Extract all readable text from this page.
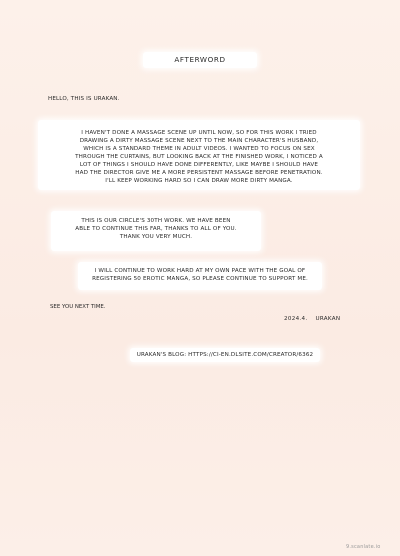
AFTERWORD
HELLO, THIS IS URAKAN.
I HAVEN'T DONE A MASSAGE SCENE UP UNTIL NOW, SO FOR THIS WORK I TRIED
DRAWING A DIRTY MASSAGE SCENE NEXT TO THE MAIN CHARACTER'S HUSBAND,
WHICH IS A STANDARD THEME IN ADULT VIDEOS. I WANTED TO FOCUS ON SEX
THROUGH THE CURTAINS, BUT LOOKING BACK AT THE FINISHED WORK, I NOTICED A
LOT OF THINGS I SHOULD HAVE DONE DIFFERENTLY, LIKE MAYBE I SHOULD HAVE
HAD THE DIRECTOR GIVE ME A MORE PERSISTENT MASSAGE BEFORE PENETRATION.
I'LL KEEP WORKING HARD SO I CAN DRAW MORE DIRTY MANGA.
THIS IS OUR CIRCLE'S 30TH WORK. WE HAVE BEEN
ABLE TO CONTINUE THIS FAR, THANKS TO ALL OF YOU.
THANK YOU VERY MUCH.
I WILL CONTINUE TO WORK HARD AT MY OWN PACE WITH THE GOAL OF
REGISTERING 50 EROTIC MANGA, SO PLEASE CONTINUE TO SUPPORT ME.
SEE YOU NEXT TIME.
2024.4. URAKAN
URAKAN'S BLOG: HTTPS://CI-EN.DLSITE.COM/CREATOR/6362
9.scanlate.io
